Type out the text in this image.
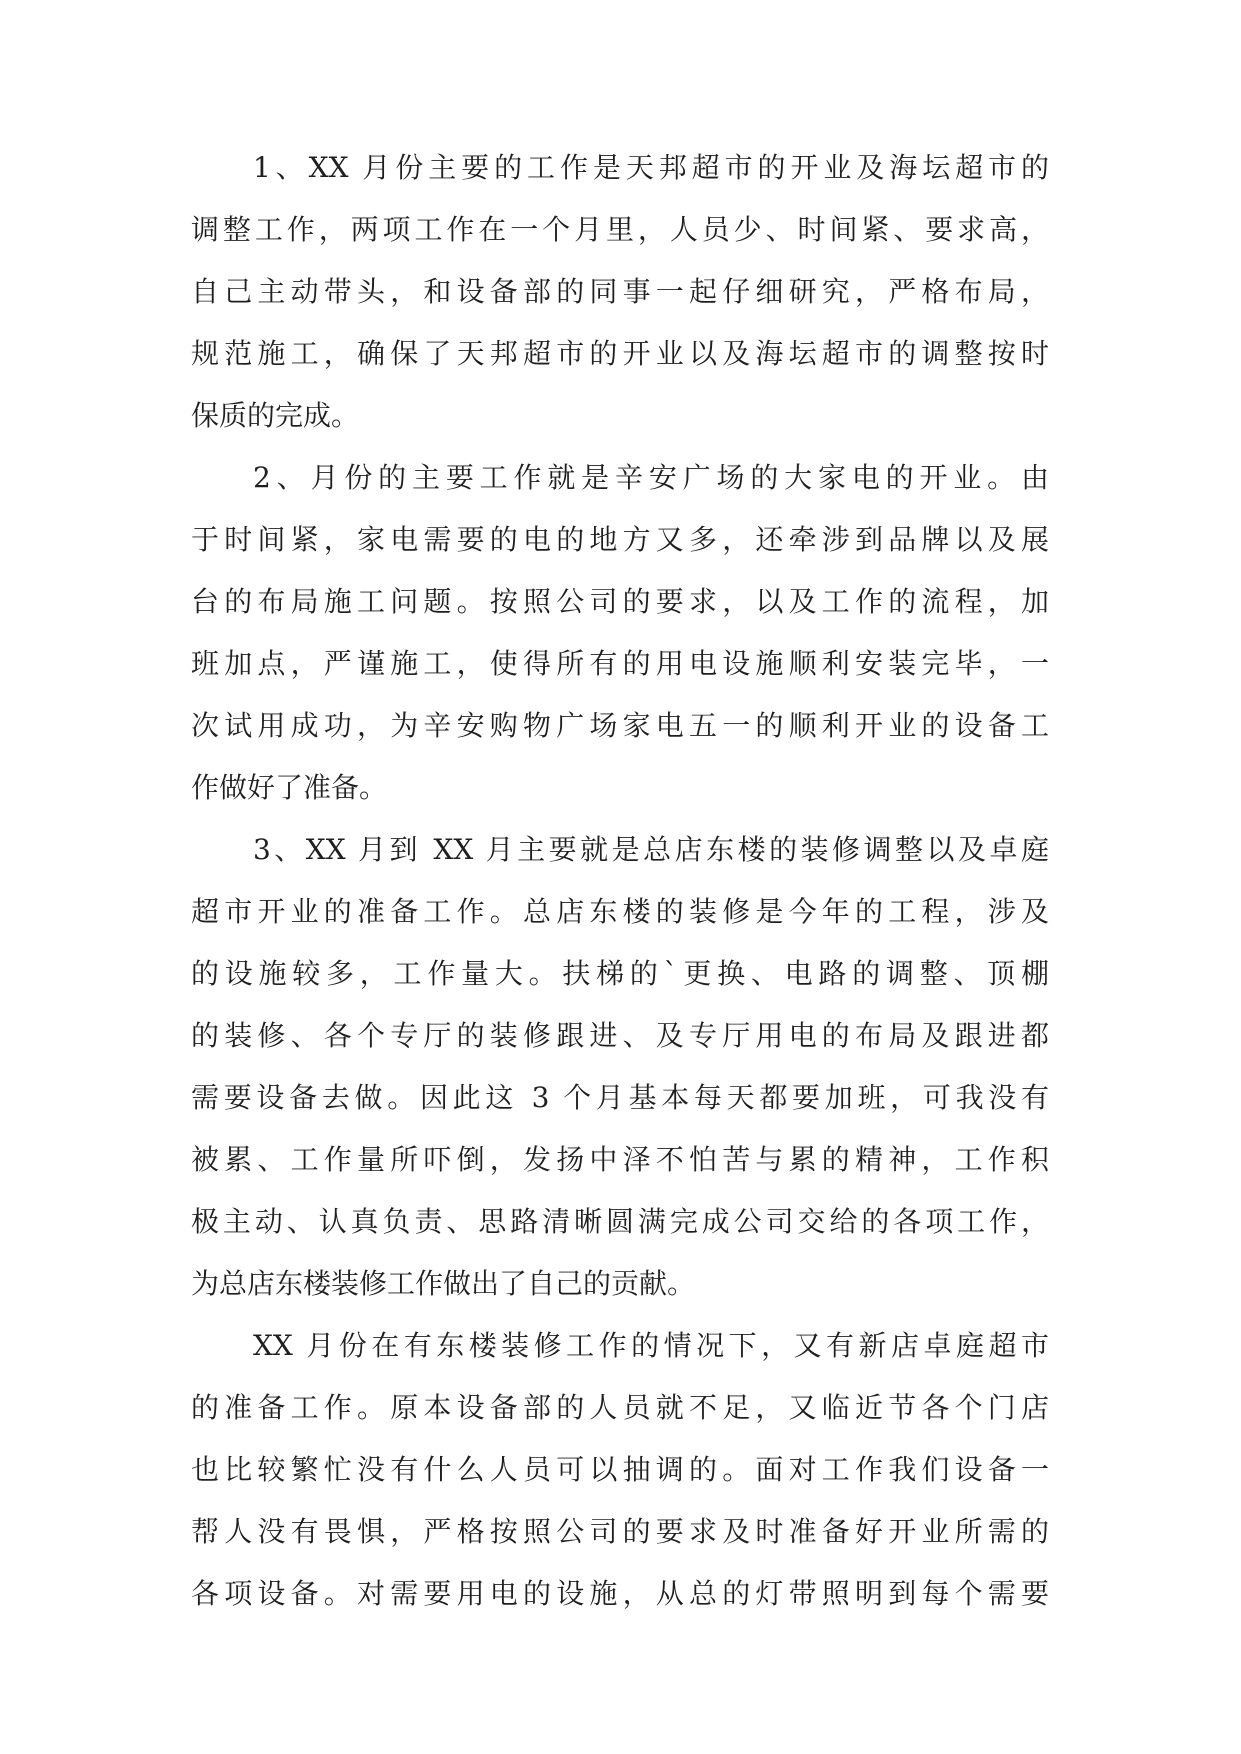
1、XX 月份主要的工作是天邦超市的开业及海坛超市的

调整工作，两项工作在一个月里，人员少、时间紧、要求高，

自己主动带头，和设备部的同事一起仔细研究，严格布局，

规范施工，确保了天邦超市的开业以及海坛超市的调整按时

保质的完成。

2、月份的主要工作就是辛安广场的大家电的开业。由

于时间紧，家电需要的电的地方又多，还牵涉到品牌以及展

台的布局施工问题。按照公司的要求，以及工作的流程，加

班加点，严谨施工，使得所有的用电设施顺利安装完毕，一

次试用成功，为辛安购物广场家电五一的顺利开业的设备工

作做好了准备。

3、XX 月到 XX 月主要就是总店东楼的装修调整以及卓庭

超市开业的准备工作。总店东楼的装修是今年的工程，涉及

的设施较多，工作量大。扶梯的`更换、电路的调整、顶棚

的装修、各个专厅的装修跟进、及专厅用电的布局及跟进都

需要设备去做。因此这 3 个月基本每天都要加班，可我没有

被累、工作量所吓倒，发扬中泽不怕苦与累的精神，工作积

极主动、认真负责、思路清晰圆满完成公司交给的各项工作，

为总店东楼装修工作做出了自己的贡献。

XX 月份在有东楼装修工作的情况下，又有新店卓庭超市

的准备工作。原本设备部的人员就不足，又临近节各个门店

也比较繁忙没有什么人员可以抽调的。面对工作我们设备一

帮人没有畏惧，严格按照公司的要求及时准备好开业所需的

各项设备。对需要用电的设施，从总的灯带照明到每个需要
